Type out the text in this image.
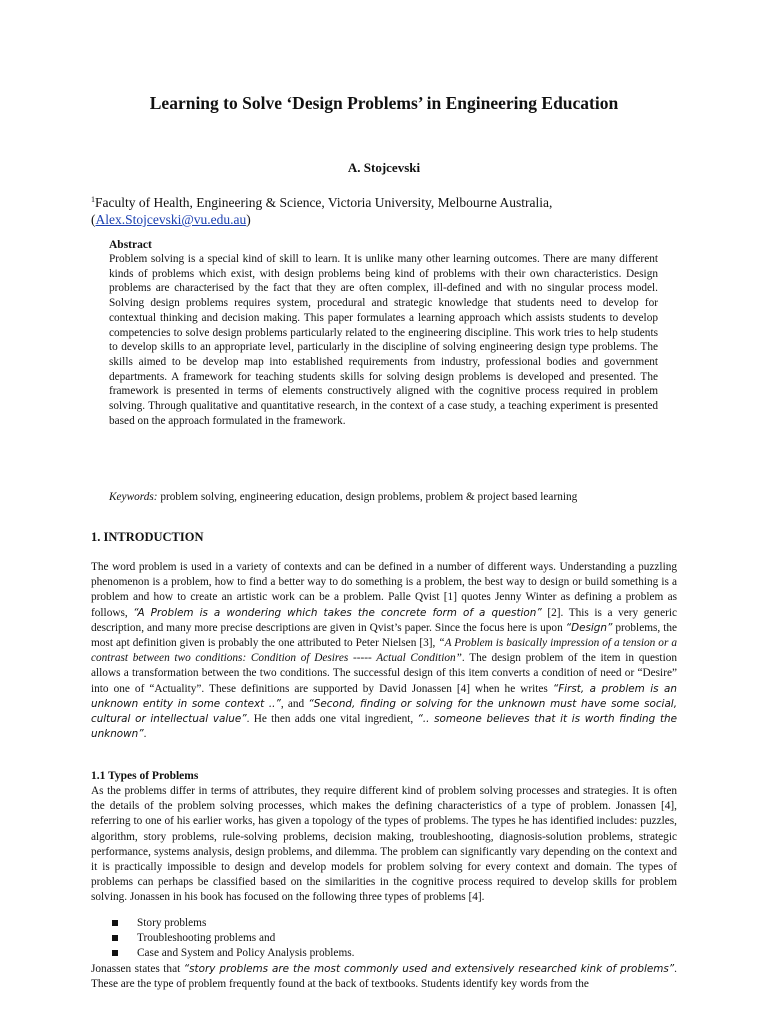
Learning to Solve ‘Design Problems’ in Engineering Education
A. Stojcevski
$^1$Faculty of Health, Engineering & Science, Victoria University, Melbourne Australia,
(Alex.Stojcevski@vu.edu.au)
Abstract
Problem solving is a special kind of skill to learn. It is unlike many other learning outcomes. There are many different kinds of problems which exist, with design problems being kind of problems with their own characteristics. Design problems are characterised by the fact that they are often complex, ill-defined and with no singular process model. Solving design problems requires system, procedural and strategic knowledge that students need to develop for contextual thinking and decision making. This paper formulates a learning approach which assists students to develop competencies to solve design problems particularly related to the engineering discipline. This work tries to help students to develop skills to an appropriate level, particularly in the discipline of solving engineering design type problems. The skills aimed to be develop map into established requirements from industry, professional bodies and government departments. A framework for teaching students skills for solving design problems is developed and presented. The framework is presented in terms of elements constructively aligned with the cognitive process required in problem solving. Through qualitative and quantitative research, in the context of a case study, a teaching experiment is presented based on the approach formulated in the framework.
Keywords: problem solving, engineering education, design problems, problem & project based learning
1. INTRODUCTION
The word problem is used in a variety of contexts and can be defined in a number of different ways. Understanding a puzzling phenomenon is a problem, how to find a better way to do something is a problem, the best way to design or build something is a problem and how to create an artistic work can be a problem. Palle Qvist [1] quotes Jenny Winter as defining a problem as follows, “A Problem is a wondering which takes the concrete form of a question” [2]. This is a very generic description, and many more precise descriptions are given in Qvist’s paper. Since the focus here is upon “Design” problems, the most apt definition given is probably the one attributed to Peter Nielsen [3], “A Problem is basically impression of a tension or a contrast between two conditions: Condition of Desires ----- Actual Condition”. The design problem of the item in question allows a transformation between the two conditions. The successful design of this item converts a condition of need or “Desire” into one of “Actuality”. These definitions are supported by David Jonassen [4] when he writes “First, a problem is an unknown entity in some context ..”, and “Second, finding or solving for the unknown must have some social, cultural or intellectual value”. He then adds one vital ingredient, “.. someone believes that it is worth finding the unknown”.
1.1 Types of Problems
As the problems differ in terms of attributes, they require different kind of problem solving processes and strategies. It is often the details of the problem solving processes, which makes the defining characteristics of a type of problem. Jonassen [4], referring to one of his earlier works, has given a topology of the types of problems. The types he has identified includes: puzzles, algorithm, story problems, rule-solving problems, decision making, troubleshooting, diagnosis-solution problems, strategic performance, systems analysis, design problems, and dilemma. The problem can significantly vary depending on the context and it is practically impossible to design and develop models for problem solving for every context and domain. The types of problems can perhaps be classified based on the similarities in the cognitive process required to develop skills for problem solving. Jonassen in his book has focused on the following three types of problems [4].
Story problems
Troubleshooting problems and
Case and System and Policy Analysis problems.
Jonassen states that “story problems are the most commonly used and extensively researched kink of problems”. These are the type of problem frequently found at the back of textbooks. Students identify key words from the
